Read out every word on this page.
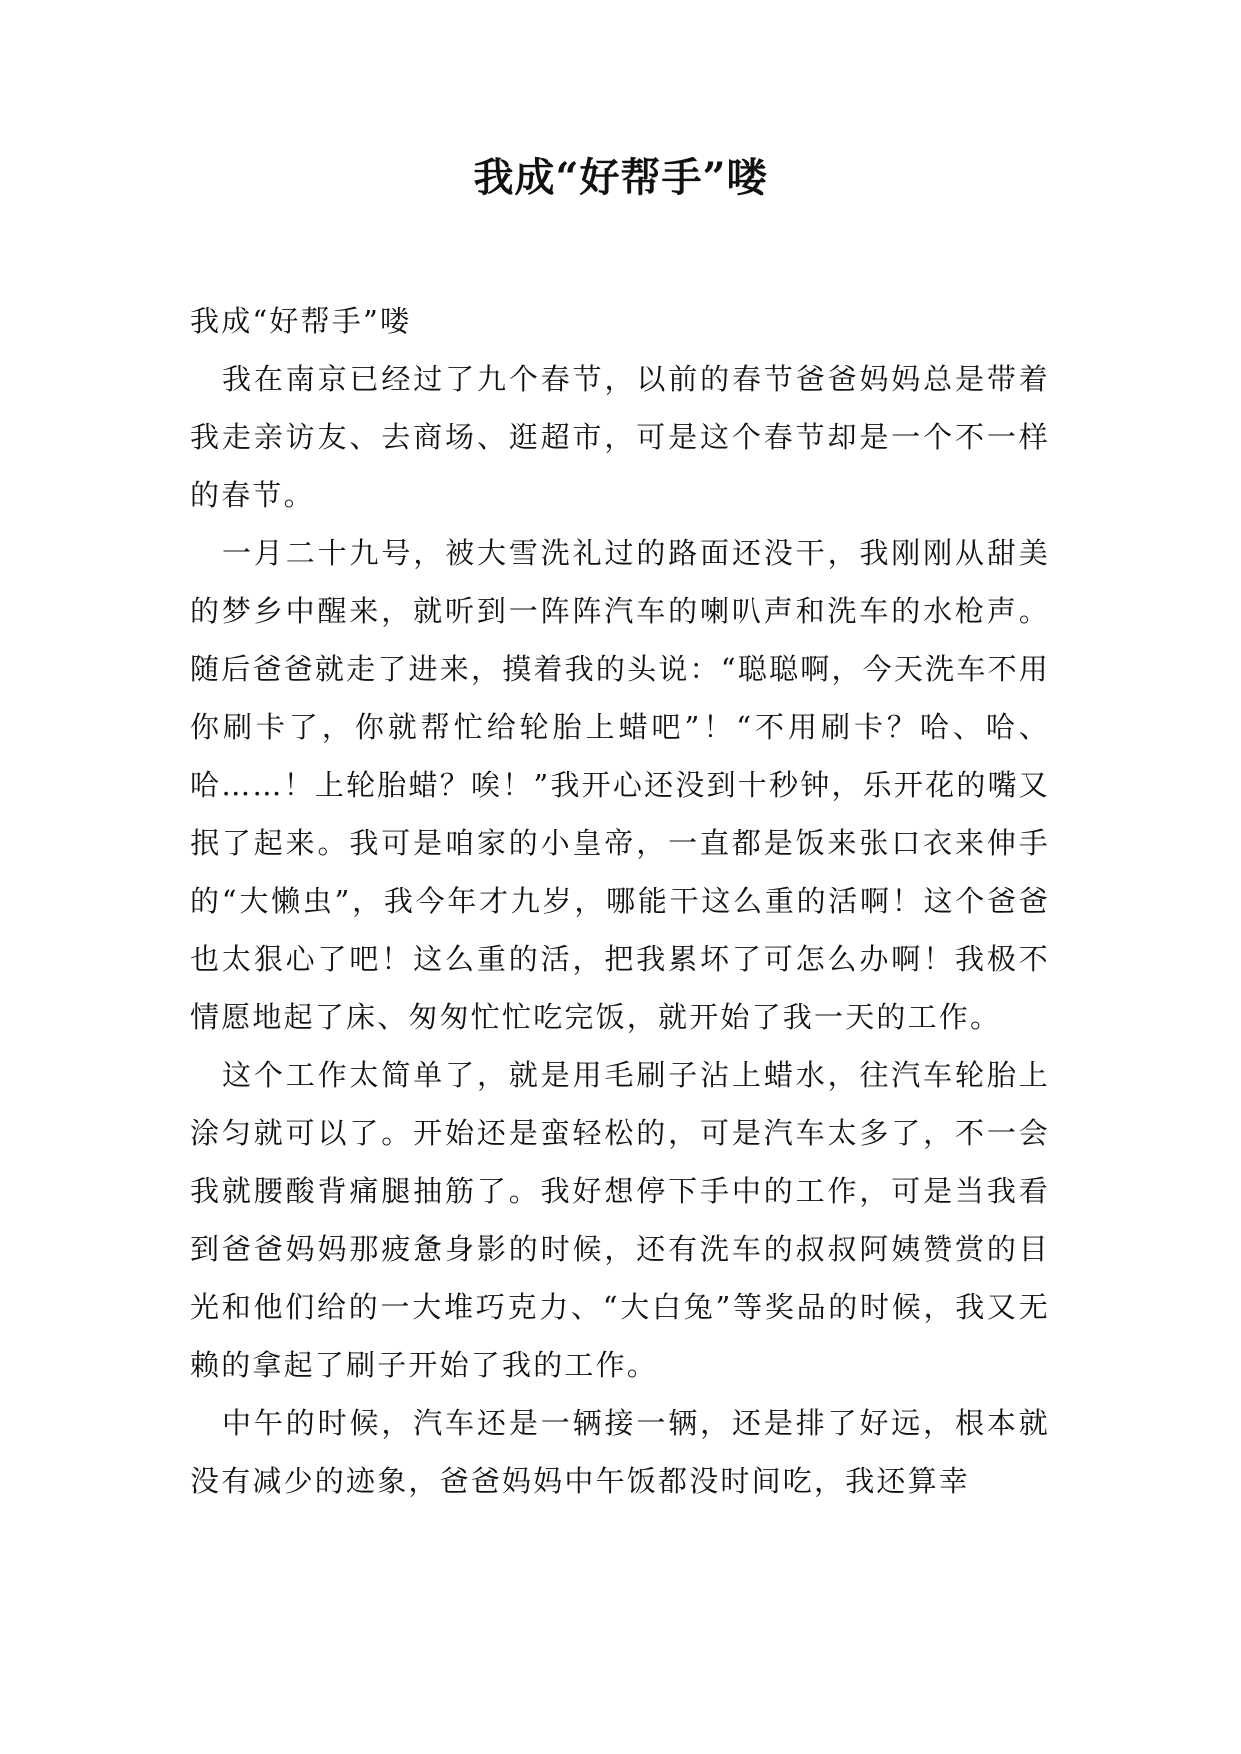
我成“好帮手”喽

我成“好帮手”喽

我在南京已经过了九个春节，以前的春节爸爸妈妈总是带着我走亲访友、去商场、逛超市，可是这个春节却是一个不一样的春节。

一月二十九号，被大雪洗礼过的路面还没干，我刚刚从甜美的梦乡中醒来，就听到一阵阵汽车的喇叭声和洗车的水枪声。随后爸爸就走了进来，摸着我的头说：“聪聪啊，今天洗车不用你刷卡了，你就帮忙给轮胎上蜡吧”！“不用刷卡？哈、哈、哈……！上轮胎蜡？唉！”我开心还没到十秒钟，乐开花的嘴又抿了起来。我可是咱家的小皇帝，一直都是饭来张口衣来伸手的“大懒虫”，我今年才九岁，哪能干这么重的活啊！这个爸爸也太狠心了吧！这么重的活，把我累坏了可怎么办啊！我极不情愿地起了床、匆匆忙忙吃完饭，就开始了我一天的工作。

这个工作太简单了，就是用毛刷子沾上蜡水，往汽车轮胎上涂匀就可以了。开始还是蛮轻松的，可是汽车太多了，不一会我就腰酸背痛腿抽筋了。我好想停下手中的工作，可是当我看到爸爸妈妈那疲惫身影的时候，还有洗车的叔叔阿姨赞赏的目光和他们给的一大堆巧克力、“大白兔”等奖品的时候，我又无赖的拿起了刷子开始了我的工作。

中午的时候，汽车还是一辆接一辆，还是排了好远，根本就没有减少的迹象，爸爸妈妈中午饭都没时间吃，我还算幸
